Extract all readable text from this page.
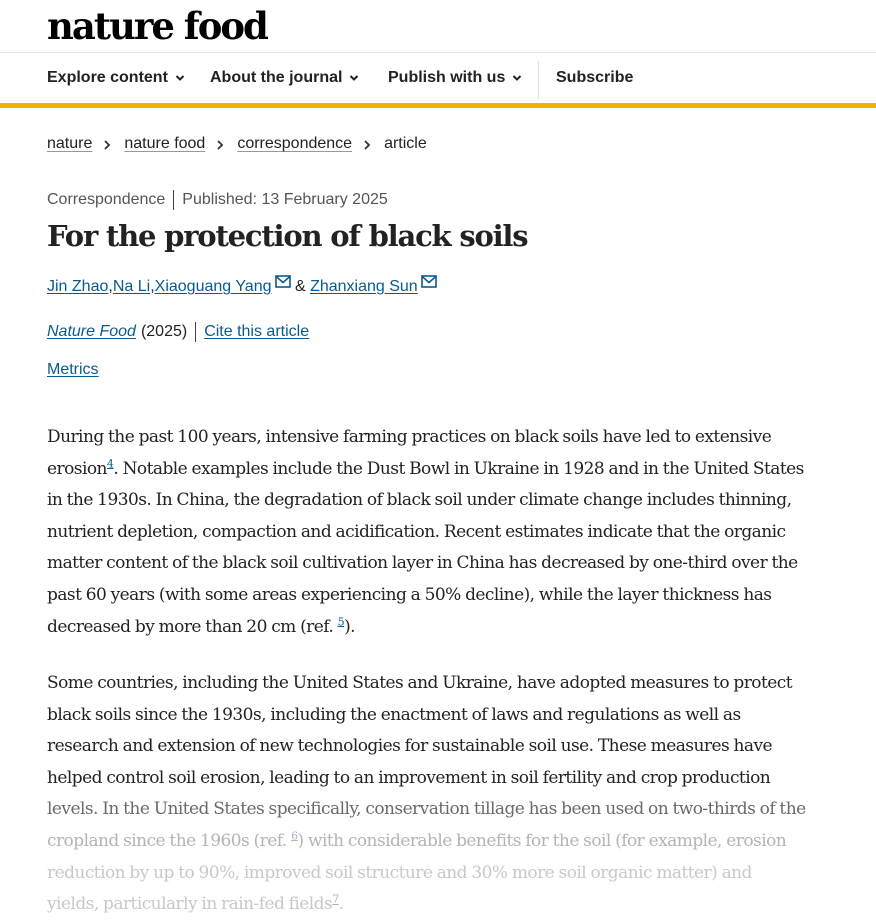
nature food
Explore content	About the journal	Publish with us	Subscribe
nature nature food correspondence article
Correspondence Published: 13 February 2025
For the protection of black soils
Jin Zhao , Na Li , Xiaoguang Yang & Zhanxiang Sun
Nature Food (2025) Cite this article
Metrics
During the past 100 years, intensive farming practices on black soils have led to extensive
erosion$^4$. Notable examples include the Dust Bowl in Ukraine in 1928 and in the United States
in the 1930s. In China, the degradation of black soil under climate change includes thinning,
nutrient depletion, compaction and acidification. Recent estimates indicate that the organic
matter content of the black soil cultivation layer in China has decreased by one-third over the
past 60 years (with some areas experiencing a 50% decline), while the layer thickness has
decreased by more than 20 cm (ref. $^5$).
Some countries, including the United States and Ukraine, have adopted measures to protect
black soils since the 1930s, including the enactment of laws and regulations as well as
research and extension of new technologies for sustainable soil use. These measures have
helped control soil erosion, leading to an improvement in soil fertility and crop production
levels. In the United States specifically, conservation tillage has been used on two-thirds of the
cropland since the 1960s (ref. $^6$) with considerable benefits for the soil (for example, erosion
reduction by up to 90%, improved soil structure and 30% more soil organic matter) and
yields, particularly in rain-fed fields$^7$.
